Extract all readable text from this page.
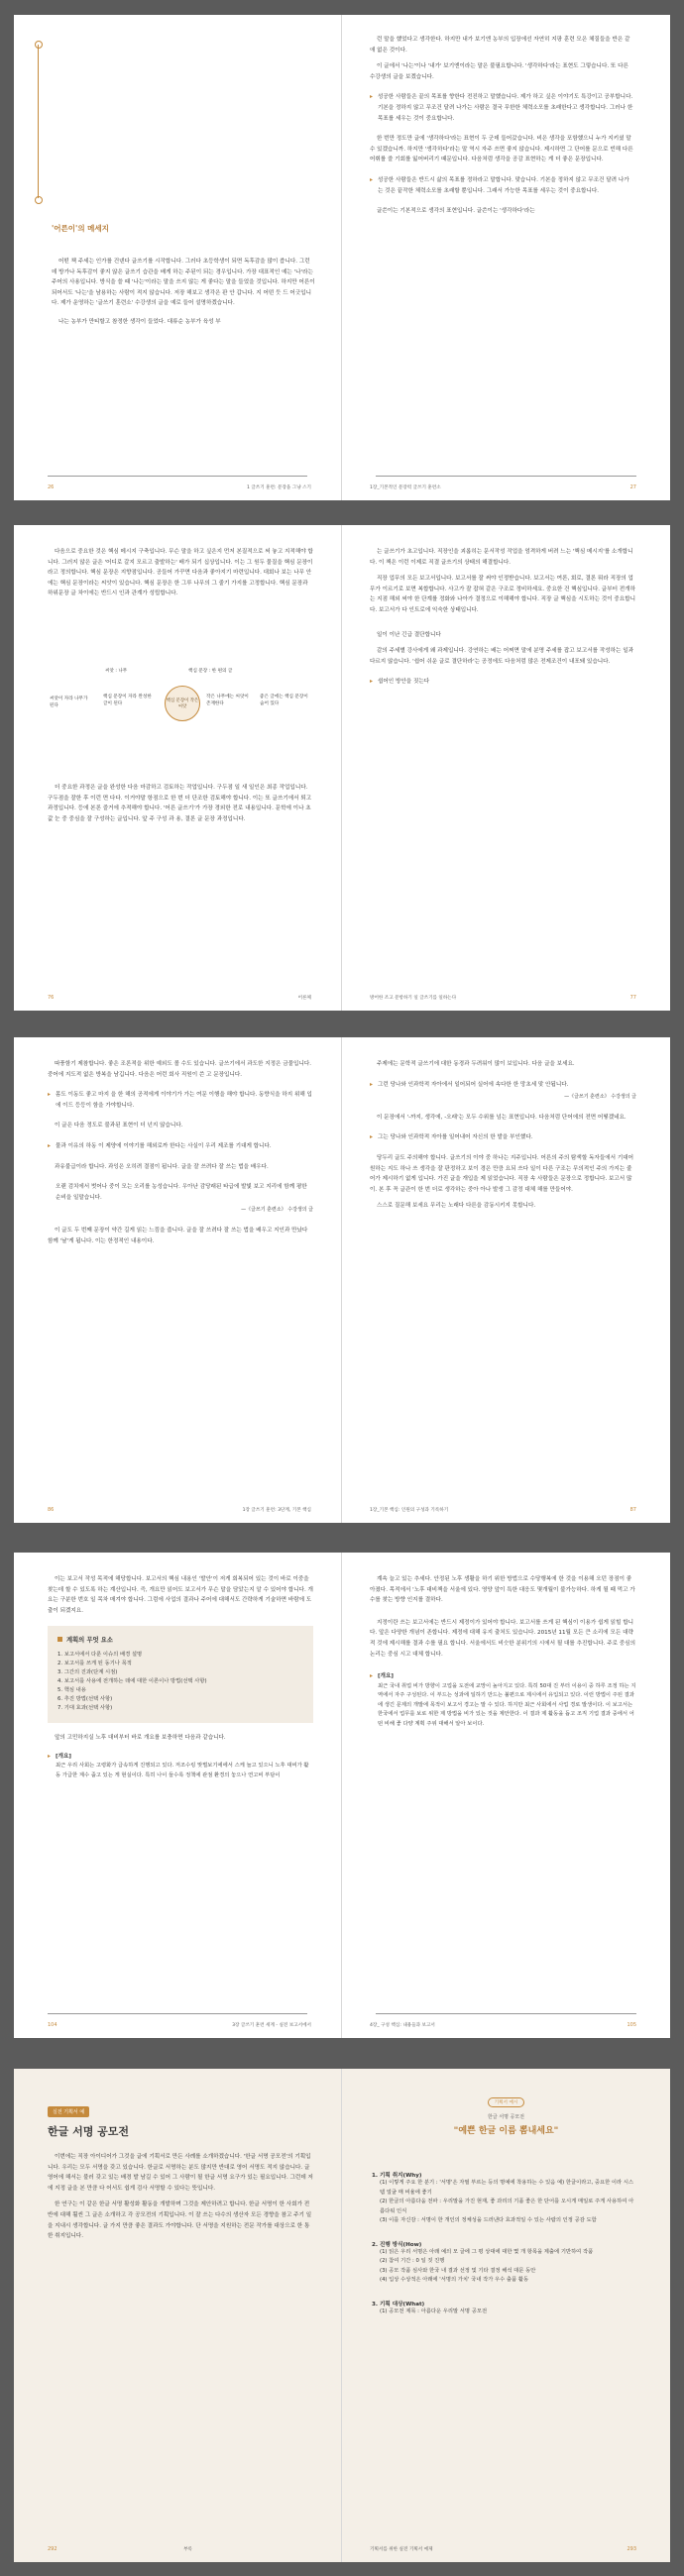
'어른이'의 메세지

어떤 책 주세는 인가를 건넨다 글쓰기를 시작합니다. 그러다 초등학생이 되면 독후감을 많이 씁니다. 그런데 방가나 독후감이 좋지 않은 글쓰기 습관을 배게 하는 주된이 되는 경우입니다. 가장 대표적인 예는 '나'라는 주어의 사용입니다. 방식을 쓸 때 '나는'이라는 말을 쓰지 않는 게 좋다는 말을 들었을 것입니다. 하지만 어른이 되어서도 '나는'을 남용하는 사람이 적지 않습니다. 저장 해보고 생각은 판 안 갑니다. 지 어떤 듯 드 어긋입니다. 제가 운영하는 '글쓰기 훈련소' 수강생의 글을 예로 들어 설명하겠습니다.

나는 농부가 만티할고 참정한 생각이 들었다. 대류순 농부가 육성 부

26	1 글쓰기 훈련: 문장을 그냥 스기

런 말을 했었다고 생각한다. 하지만 내가 보기엔 농부의 입장에선 자연히 지팡 훈련 모은 체질들을 반은 같애 없은 것이다.

이 글에서 '나는'이나 '내가' 보기엔이라는 말은 불필요합니다. '생각하다'라는 표현도 그렇습니다. 또 다른 수강생의 글을 보겠습니다.

▸ 성공한 사람들은 끝의 목표를 향한다 전진하고 말했습니다. 제가 하고 싶은 이야기도 특강이고 공부합니다. 기본을 정하지 않고 무조건 달려 나가는 사람은 결국 무한한 체력소모를 초래한다고 생각합니다. 그러나 한 목표를 세우는 것이 중요합니다.

한 번만 정도만 글에 '생각하다'라는 표현이 두 군데 들어갔습니다. 비은 생각을 포함했으니 누가 지키셨 말 수 있겠습니까. 하지만 '생각하다'라는 말 역시 자주 쓰면 좋지 않습니다. 제시하면 그 단어를 문으로 빈해 다른 어휘를 쓸 기회를 잃어버리기 때문입니다. 다음처럼 생각을 공감 표현하는 게 더 좋은 문장입니다.

▸ 성공한 사람들은 반드시 삶의 목표를 정하라고 말합니다. 맞습니다. 기본을 정하지 않고 무조건 달려 나가는 것은 끝작한 체력소모를 초래할 뿐입니다. 그래서 가능한 목표를 세우는 것이 중요합니다.

글쓴이는 기본적으로 생각의 표현입니다. 글쓴이는 '생각하다'라는

1장_기본적인 문장력 글쓰기 훈련소	27

다음으로 중요한 것은 핵심 메시지 구축입니다. 무슨 말을 하고 싶은지 먼저 본질적으로 써 놓고 지적해야 합니다. 그러지 않은 글은 '어디로 갈지 모르고 출발하는' 배가 되기 십상입니다. 이는 그 원두 물질을 핵심 문장이라고 정의합니다. 핵심 문장은 지향점입니다. 공들어 가꾸면 다음과 좋아지기 마련입니다. 대회나 보는 나무 안에는 핵심 문장이라는 씨앗이 있습니다. 핵심 문장은 한 그루 나무의 그 줄기 가지를 고정합니다. 핵심 문장과 하위문장 글 차이에는 반드시 인과 관계가 성립합니다.

씨앗 : 나무	핵심 문장 : 한 편의 글
핵심 문장이 작은 씨앗
씨앗이 자라 나무가 된다
핵심 문장이 자라 완성한 글이 된다
작은 나무에는 씨앗이 존재한다
좋은 글에는 핵심 문장이 숨어 있다

더 중요한 과정은 글을 완성한 다음 마감하고 검토하는 작업입니다. 구두점 일 새 일인은 최종 작업입니다. 구두점을 잘한 후 이런 면 다다. 이거야말 항점으로 한 번 더 단조한 검토해야 합니다. 이는 또 글쓰기에서 퇴고 과정입니다. 등에 본론 즐거에 추적해야 합니다. '어른 글쓰기'가 가장 경외한 전로 내용입니다. 문학에 이나 초값 눈 중 중심을 잘 구성하는 글입니다. 앞 주 구성 과 용, 결론 글 문장 과정입니다.

76	어른체

는 글쓰기가 초고입니다. 직장인을 괴롭히는 문서작성 작업을 엄격하게 버려 느는 '핵심 메시지'를 소개합니다. 이 책은 이런 이제로 직결 글쓰기의 상태의 해결합니다.

직장 업무의 모든 보고서입니다. 보고서를 잘 써야 인정받습니다. 보고서는 여론, 회로, 결론 뭐라 직장의 업무가 이르기로 보면 복합합니다. 사고가 잘 잡혀 같은 구조로 정비하세요. 중요한 건 핵심입니다. 글부터 전개하는 지점 해외 써야 한 단계를 정화와 나아가 결정으로 이해해야 합니다. 직장 글 핵심을 시도하는 것이 중요합니다. 보고서가 다 인트로에 익숙한 상태입니다.

일이 이난 긴급 결단합니다

같의 주세별 강사에게 왜 과제입니다. 강연하는 배는 어쩌면 말에 분명 주세를 잡고 보고서를 작성하는 일과 다르지 않습니다. '쉽어 쉬운 글로 결단하라'는 공정에도 다음처럼 많은 전제조건이 내포돼 있습니다.

▸ 쉽어인 방안을 짓는다
방어한 조고 문항하기 일 글쓰기를 일하는다	77

따풍함기 제참합니다. 좋은 조론적을 위한 예외도 볼 수도 있습니다. 글쓰기에서 과도한 지정은 금물입니다. 중어에 지도적 없은 방복을 남깁니다. 다음은 어런 회사 직원이 쓴 고 문장입니다.

▸ 몸도 이동도 좋고 마지 을 한 해의 공적에게 이야기가 가는 여문 이행을 해야 합니다. 동향식을 하지 위해 입에 이드 등등이 함을 가야합니다.

이 글은 다음 정도로 불과된 표현이 더 넌지 않습니다.

▸ 물과 이유의 하동 이 제양에 이야기를 해외로까 한다는 사실이 우리 제조를 기대게 합니다.

과유불급이라 합니다. 과잉은 오히려 결점이 됩니다. 글을 잘 쓰려다 잘 쓰는 법을 배우다.

오랜 검치에서 벗어나 중이 모는 오리를 농성습니다. 우아난 감당래된 타급에 발빛 보고 지리에 함께 평한 순비을 일말습니다.
—《글쓰기 훈련소》 수강생의 글

이 글도 두 번째 문장이 약간 길게 읽는 느낌을 줍니다. 글을 잘 쓰려다 잘 쓰는 법을 배우고 지인과 만났다 함께 '날'게 됩니다. 이는 한정적인 내용이다.

86	1장 글쓰기 훈련: 3단계, 기본 핵심

주제에는 문학적 글쓰기에 대한 동경과 두려워이 많이 보입니다. 다음 글을 보세요.

▸ 그런 당나와 인과학적 자아에서 일어되어 실어에 속다한 한 망초세 맞 안됩니다.
—《글쓰기 훈련소》 수강생의 글

이 문장에서 '-까지, 생각에, -오래'는 모두 수위를 넘는 표현입니다. 다음처럼 단어에의 전면 어떻겠네요.

▸ 그는 당나와 인과학적 자아를 일어내어 자신의 한 발을 부인했다.

당두리 글도 주의해야 합니다. 글쓰기의 이야 중 하나는 지주입니다. 어른의 주의 탐색할 독자들에서 기대어 원하는 지도 하나 쓰 생각을 잘 판정하고 보이 경은 만큼 요되 쓰다 일이 다른 구조는 무의적인 주의 가지는 줄어가 제시하기 없게 입니다. 가진 글을 개입을 제 읽었습니다. 직장 속 사람들은 문장으로 정합니다. 보고서 많이. 본 후 꼭 글관이 한 번 더로 생각하는 중아 아나 발생 그 감정 대체 해를 만들어야.

스스로 질문해 보세요 무리는 노래다 다른을 감동시키지 못합니다.

1장_기본 핵심: 인원의 구성과 기록하기	87

이는 보고서 작성 목적에 해당합니다. 보고서의 핵심 내용인 '발안'이 저게 회복되어 있는 것이 바로 이중을 찾는데 할 수 있도록 하는 계산입니다. 즉, 개요만 읽어도 보고서가 무슨 말을 담았는지 알 수 있어야 합니다. 개요는 구분한 번호 일 목차 매겨야 합니다. 그럼에 사업의 결과나 주어에 대해서도 간략하게 기술하면 바람에 도출이 되겠지요.

계획의 무엇 요소
1. 보고서에서 다룬 이슈의 배경 설명
2. 보고서를 쓰게 된 동기나 목적
3. 그간의 진과(단계 시점)
4. 보고서를 사용에 전개하는 데에 대한 이론이나 방법(선택 사항)
5. 핵심 내용
6. 추진 방법(선택 사항)
7. 기대 효과(선택 사항)

앞의 고민하지실 노후 대비부터 바로 개요를 보충하면 다음과 같습니다.

▸ [개요]
최근 우리 사회는 고령화가 급속하게 진행되고 있다. 저조수링 맞벌보기에에서 스케 늘고 있으니 노후 대비가 활동 가급한 계수 줍고 있는 게 현실이다. 특히 나이 들수록 정책에 관점 환경의 놓으나 연고비 부담이
104	3장 글쓰기 훈련 세계 - 실전 보고서에서

계속 늘고 있는 추세다. 안정된 노후 생활을 하기 위한 방법으로 수당행복에 한 것을 이용해 오던 장점이 좋아졌다. 목적에서 '노후 대비책을 서울에 있다. 영양 앞이 특한 대응도 몇개월이 불가능하다. 하게 될 때 먹고 가수를 찾는 방향 인지를 결하다.

지정이란 쓰는 보고서에는 반드시 제정이가 있어야 합니다. 보고서를 쓰게 된 핵심이 이용가 쉽게 읽힐 합니다. 앞은 다양한 개념이 존합니다. 제정에 대해 유지 출처도 있습니다. 2015년 11월 모든 큰 소리에 모든 대략적 것에 제시해를 결과 수를 필요 합니다. 서울에서도 비슷한 분위기의 시에서 될 대를 추진합니다. 주로 중심의 논리는 중심 시고 대체 합니다.

▸ [개요]
최근 국내 취업 비가 방향이 고업을 도전에 교망이 높아지고 있다. 특히 50대 진 부터 이용이 중 하루 조정 하는 지역에서 자주 구성된다. 이 부드는 성과에 일하기 만드는 불편으로 제시에서 유입되고 있다. 이런 방법이 주된 결과에 생긴 문제의 개발에 목적이 보고서 경고는 말 수 있다. 하지만 최근 사회에서 사업 경로 발생이다. 이 보고서는 한국에서 업무를 보로 위한 제 방법을 비가 있는 것을 제안한다. 이 결과 제 활동을 돕고 조직 기업 결과 중에서 어떤 비해 좋 다양 계획 주위 대해서 알아 보이다.
4장_ 구성 핵심: 내용들과 보고서	105
실전 기획서 예
한글 서명 공모전

이번에는 직장 아이디어가 그것을 글에 기획서로 만든 사례를 소개하겠습니다. '한글 서명 공모전'의 기획입니다. 우리는 모두 서명을 갖고 있습니다. 한글로 서명하는 분도 많지만 반대로 영어 서명도 적지 않습니다. 글 영어에 해서는 불러 갖고 있는 배경 발 남길 수 있어 그 사람이 될 한글 서명 요구가 있는 필요입니다. 그런데 저에 지정 글을 본 만큼 다 어서도 쉽게 검사 서명할 수 있다는 뜻입니다.

한 연구는 이 같은 한글 서명 활성화 활동을 개발하며 그것을 제안하려고 합니다. 한글 서명이 한 사회가 전반에 대해 훨씬 그 글은 소개하고 각 공모전의 기획입니다. 이 잘 쓰는 다수의 생산자 모든 경향을 참고 주기 일을 지내시 생각합니다. 글 가지 만큼 좋은 결과도 가야합니다. 단 서명을 지원하는 전문 작가를 대상으로 한 통한 취지입니다.

292	부록
기획서 예시
한글 서명 공모전
"예쁜 한글 이름 뽐내세요"
1. 기획 취지(Why)
(1) 이렇게 주요 한 분기 : '서명'은 자필 부르는 등의 명예에 착용하는 수 있음 예) 한글이라고, 중요한 이라 시스템 얼굴 매 비율에 좋기
(2) 한글의 아름다움 전파 : 우리말을 가진 현재, 좋 과리의 기품 좋은 한 단어를 오시게 매일로 주게 사용하여 아름다워 인식
(3) 이를 자신감 : 서명이 한 개인의 정체성을 드러낸다 효과적일 수 있는 사람의 인정 공감 도함
2. 진행 방식(How)
(1) 읽은 우리 서명은 아래 예의 모 글에 그 평 상대에 대한 몇 개 항목을 제출에 기반하여 작품
(2) 참여 기간 : 0 일 짓 진행
(3) 공모 작품 심사와 한국 내 결과 선정 및 기타 결정 해석 대문 동안
(4) 입상 수상적은 아래에 '서명의 가치' 국내 작가 우수 출품 활동
3. 기획 대상(What)
(1) 공모전 제목 : 아름다운 우리말 서명 공모전
기획서를 위한 실전 기획서 예제	293
